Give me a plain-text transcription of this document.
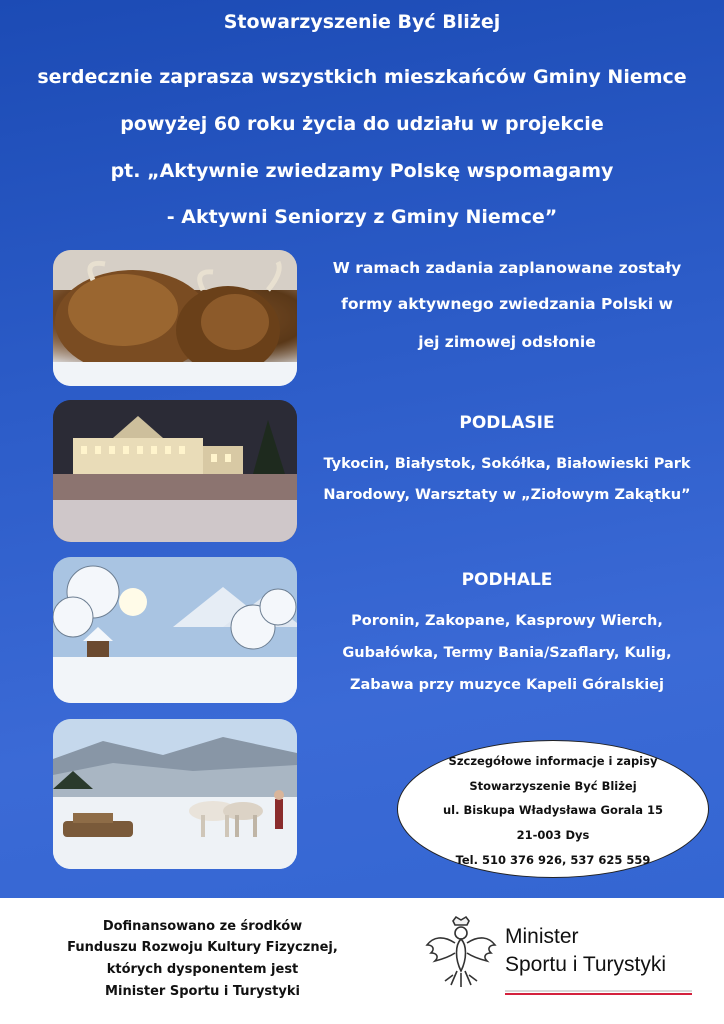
Stowarzyszenie Być Bliżej
serdecznie zaprasza wszystkich mieszkańców Gminy Niemce
powyżej 60 roku życia do udziału w projekcie
pt. „Aktywnie zwiedzamy Polskę wspomagamy
- Aktywni Seniorzy z Gminy Niemce”
W ramach zadania zaplanowane zostały
formy aktywnego zwiedzania Polski w
jej zimowej odsłonie
PODLASIE
Tykocin, Białystok, Sokółka, Białowieski Park
Narodowy, Warsztaty w „Ziołowym Zakątku”
PODHALE
Poronin, Zakopane, Kasprowy Wierch,
Gubałówka, Termy Bania/Szaflary, Kulig,
Zabawa przy muzyce Kapeli Góralskiej
Szczegółowe informacje i zapisy
Stowarzyszenie Być Bliżej
ul. Biskupa Władysława Gorala 15
21-003 Dys
Tel. 510 376 926, 537 625 559
Dofinansowano ze środków
Funduszu Rozwoju Kultury Fizycznej,
których dysponentem jest
Minister Sportu i Turystyki
Minister
Sportu i Turystyki
